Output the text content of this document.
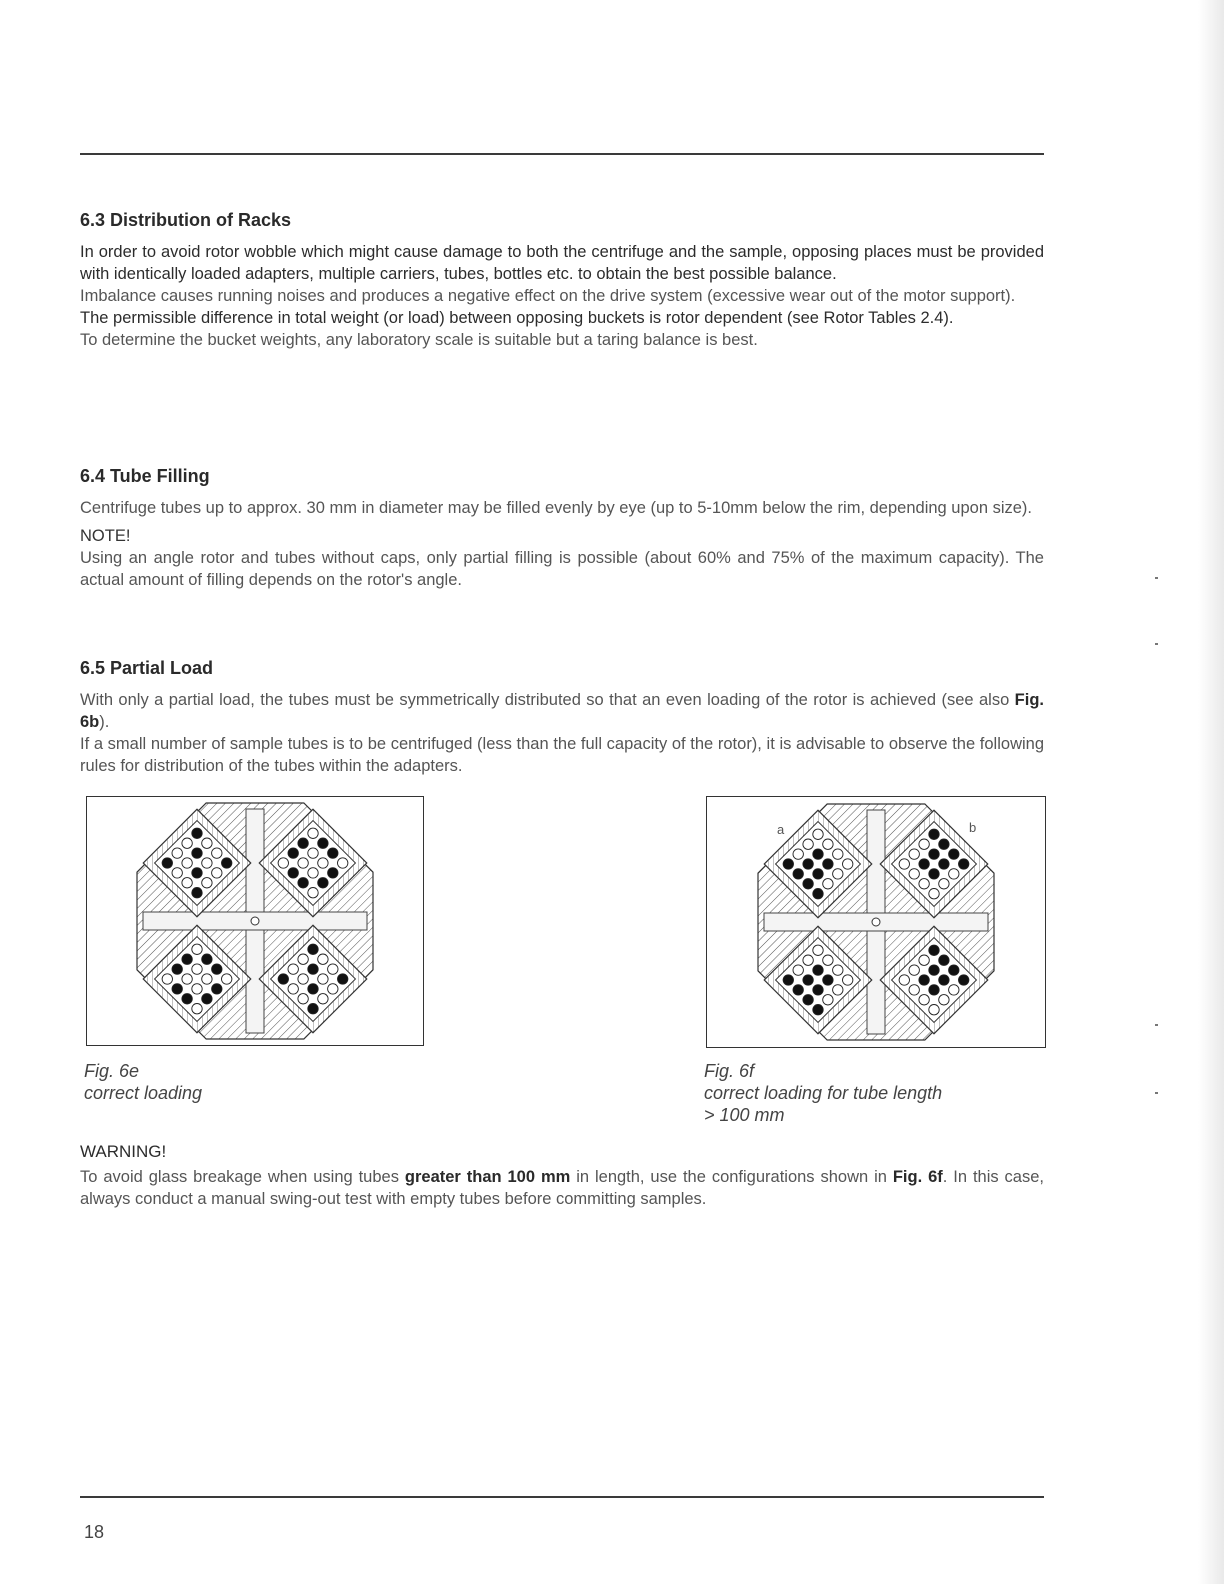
6.3 Distribution of Racks

In order to avoid rotor wobble which might cause damage to both the centrifuge and the sample, opposing places must be provided with identically loaded adapters, multiple carriers, tubes, bottles etc. to obtain the best possible balance.

Imbalance causes running noises and produces a negative effect on the drive system (excessive wear out of the motor support).

The permissible difference in total weight (or load) between opposing buckets is rotor dependent (see Rotor Tables 2.4).

To determine the bucket weights, any laboratory scale is suitable but a taring balance is best.

6.4 Tube Filling

Centrifuge tubes up to approx. 30 mm in diameter may be filled evenly by eye (up to 5-10mm below the rim, depending upon size).

NOTE!

Using an angle rotor and tubes without caps, only partial filling is possible (about 60% and 75% of the maximum capacity). The actual amount of filling depends on the rotor's angle.

6.5 Partial Load

With only a partial load, the tubes must be symmetrically distributed so that an even loading of the rotor is achieved (see also Fig. 6b).

If a small number of sample tubes is to be centrifuged (less than the full capacity of the rotor), it is advisable to observe the following rules for distribution of the tubes within the adapters.

Fig. 6e
correct loading
a	b
Fig. 6f
correct loading for tube length
> 100 mm
WARNING!

To avoid glass breakage when using tubes greater than 100 mm in length, use the configurations shown in Fig. 6f. In this case, always conduct a manual swing-out test with empty tubes before committing samples.

18
